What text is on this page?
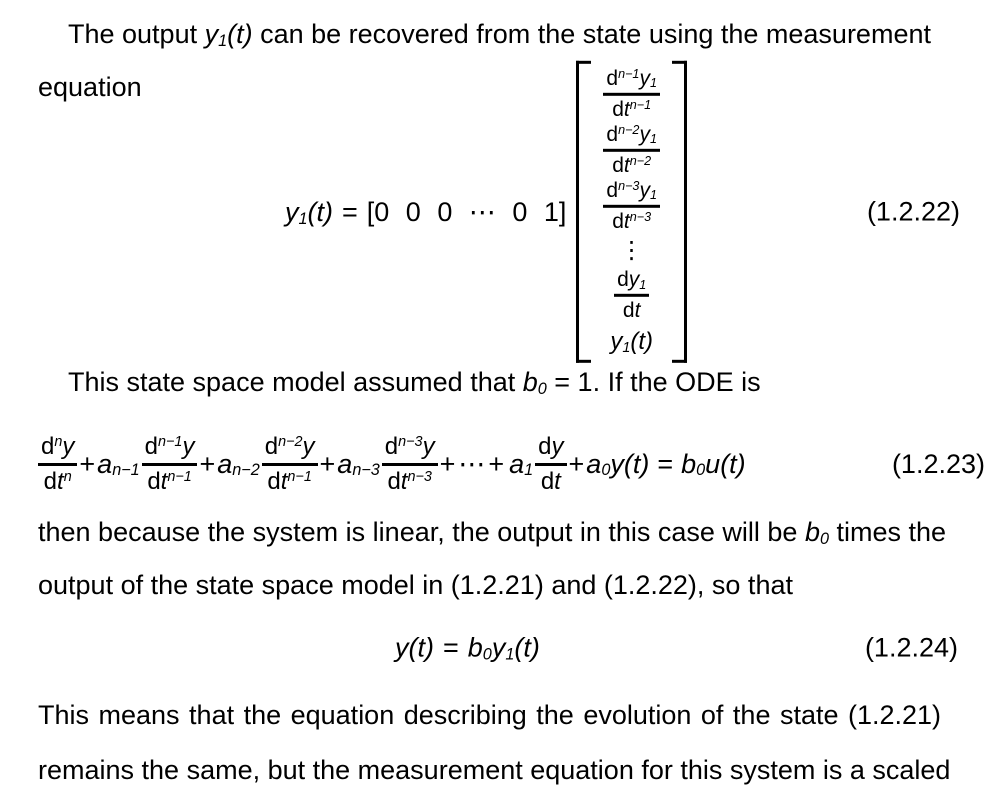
The output $y_1(t)$ can be recovered from the state using the measurement
equation
$y_1(t) = [0$ 0 0 ⋯ 0 1]
$\frac{d^{n-1}y_1}{dt^{n-1}}$
$\frac{d^{n-2}y_1}{dt^{n-2}}$
$\frac{d^{n-3}y_1}{dt^{n-3}}$
⋮
$\frac{dy_1}{dt}$
$y_1(t)$
(1.2.22)
This state space model assumed that $b_0 = 1$. If the ODE is
$\frac{d^ny}{dt^n} + a_{n-1} \frac{d^{n-1}y}{dt^{n-1}} + a_{n-2} \frac{d^{n-2}y}{dt^{n-1}} + a_{n-3} \frac{d^{n-3}y}{dt^{n-3}}$ +⋯+ $a_1 \frac{dy}{dt} + a_0y(t) = b_0u(t)$	(1.2.23)
then because the system is linear, the output in this case will be $b_0$ times the
output of the state space model in (1.2.21) and (1.2.22), so that
$y(t) = b_0y_1(t)$	(1.2.24)
This means that the equation describing the evolution of the state (1.2.21)
remains the same, but the measurement equation for this system is a scaled
